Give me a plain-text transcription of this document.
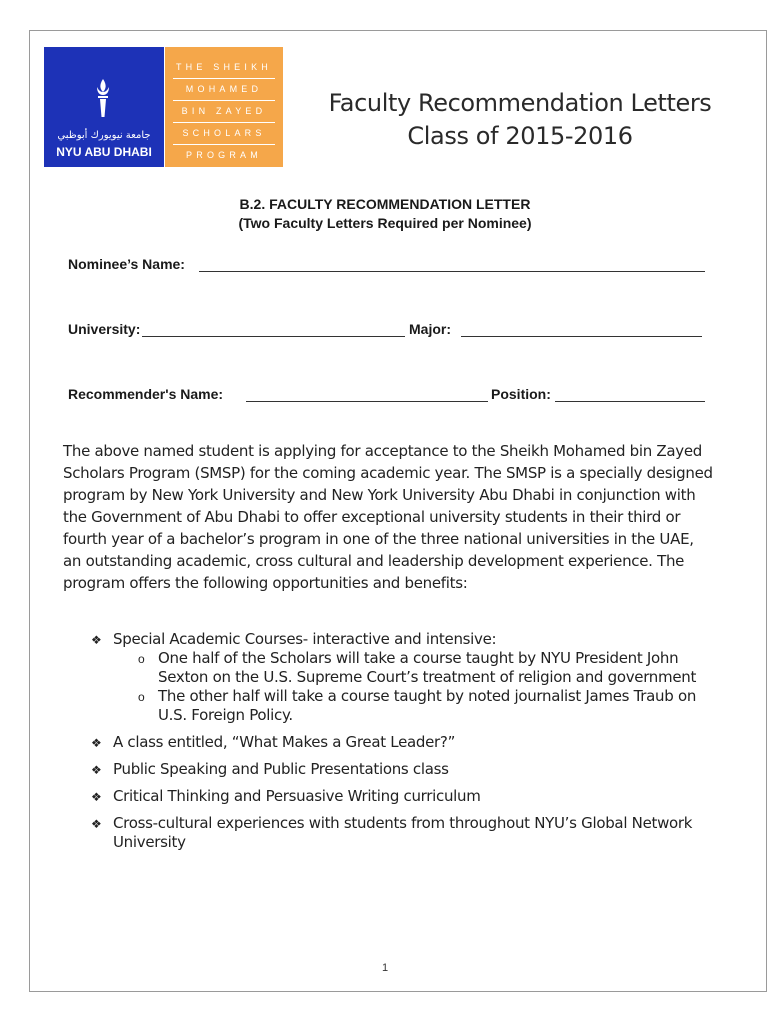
جامعة نيويورك أبوظبي
NYU ABU DHABI
THE SHEIKH
MOHAMED
BIN ZAYED
SCHOLARS
PROGRAM
Faculty Recommendation Letters
Class of 2015-2016
B.2. FACULTY RECOMMENDATION LETTER
(Two Faculty Letters Required per Nominee)
Nominee’s Name:
University:	Major:
Recommender's Name:	Position:
The above named student is applying for acceptance to the Sheikh Mohamed bin Zayed Scholars Program (SMSP) for the coming academic year. The SMSP is a specially designed program by New York University and New York University Abu Dhabi in conjunction with the Government of Abu Dhabi to offer exceptional university students in their third or fourth year of a bachelor’s program in one of the three national universities in the UAE, an outstanding academic, cross cultural and leadership development experience. The program offers the following opportunities and benefits:
❖ Special Academic Courses- interactive and intensive:
o One half of the Scholars will take a course taught by NYU President John
Sexton on the U.S. Supreme Court’s treatment of religion and government
o The other half will take a course taught by noted journalist James Traub on
U.S. Foreign Policy.
❖ A class entitled, “What Makes a Great Leader?”
❖ Public Speaking and Public Presentations class
❖ Critical Thinking and Persuasive Writing curriculum
❖ Cross-cultural experiences with students from throughout NYU’s Global Network
University
1
